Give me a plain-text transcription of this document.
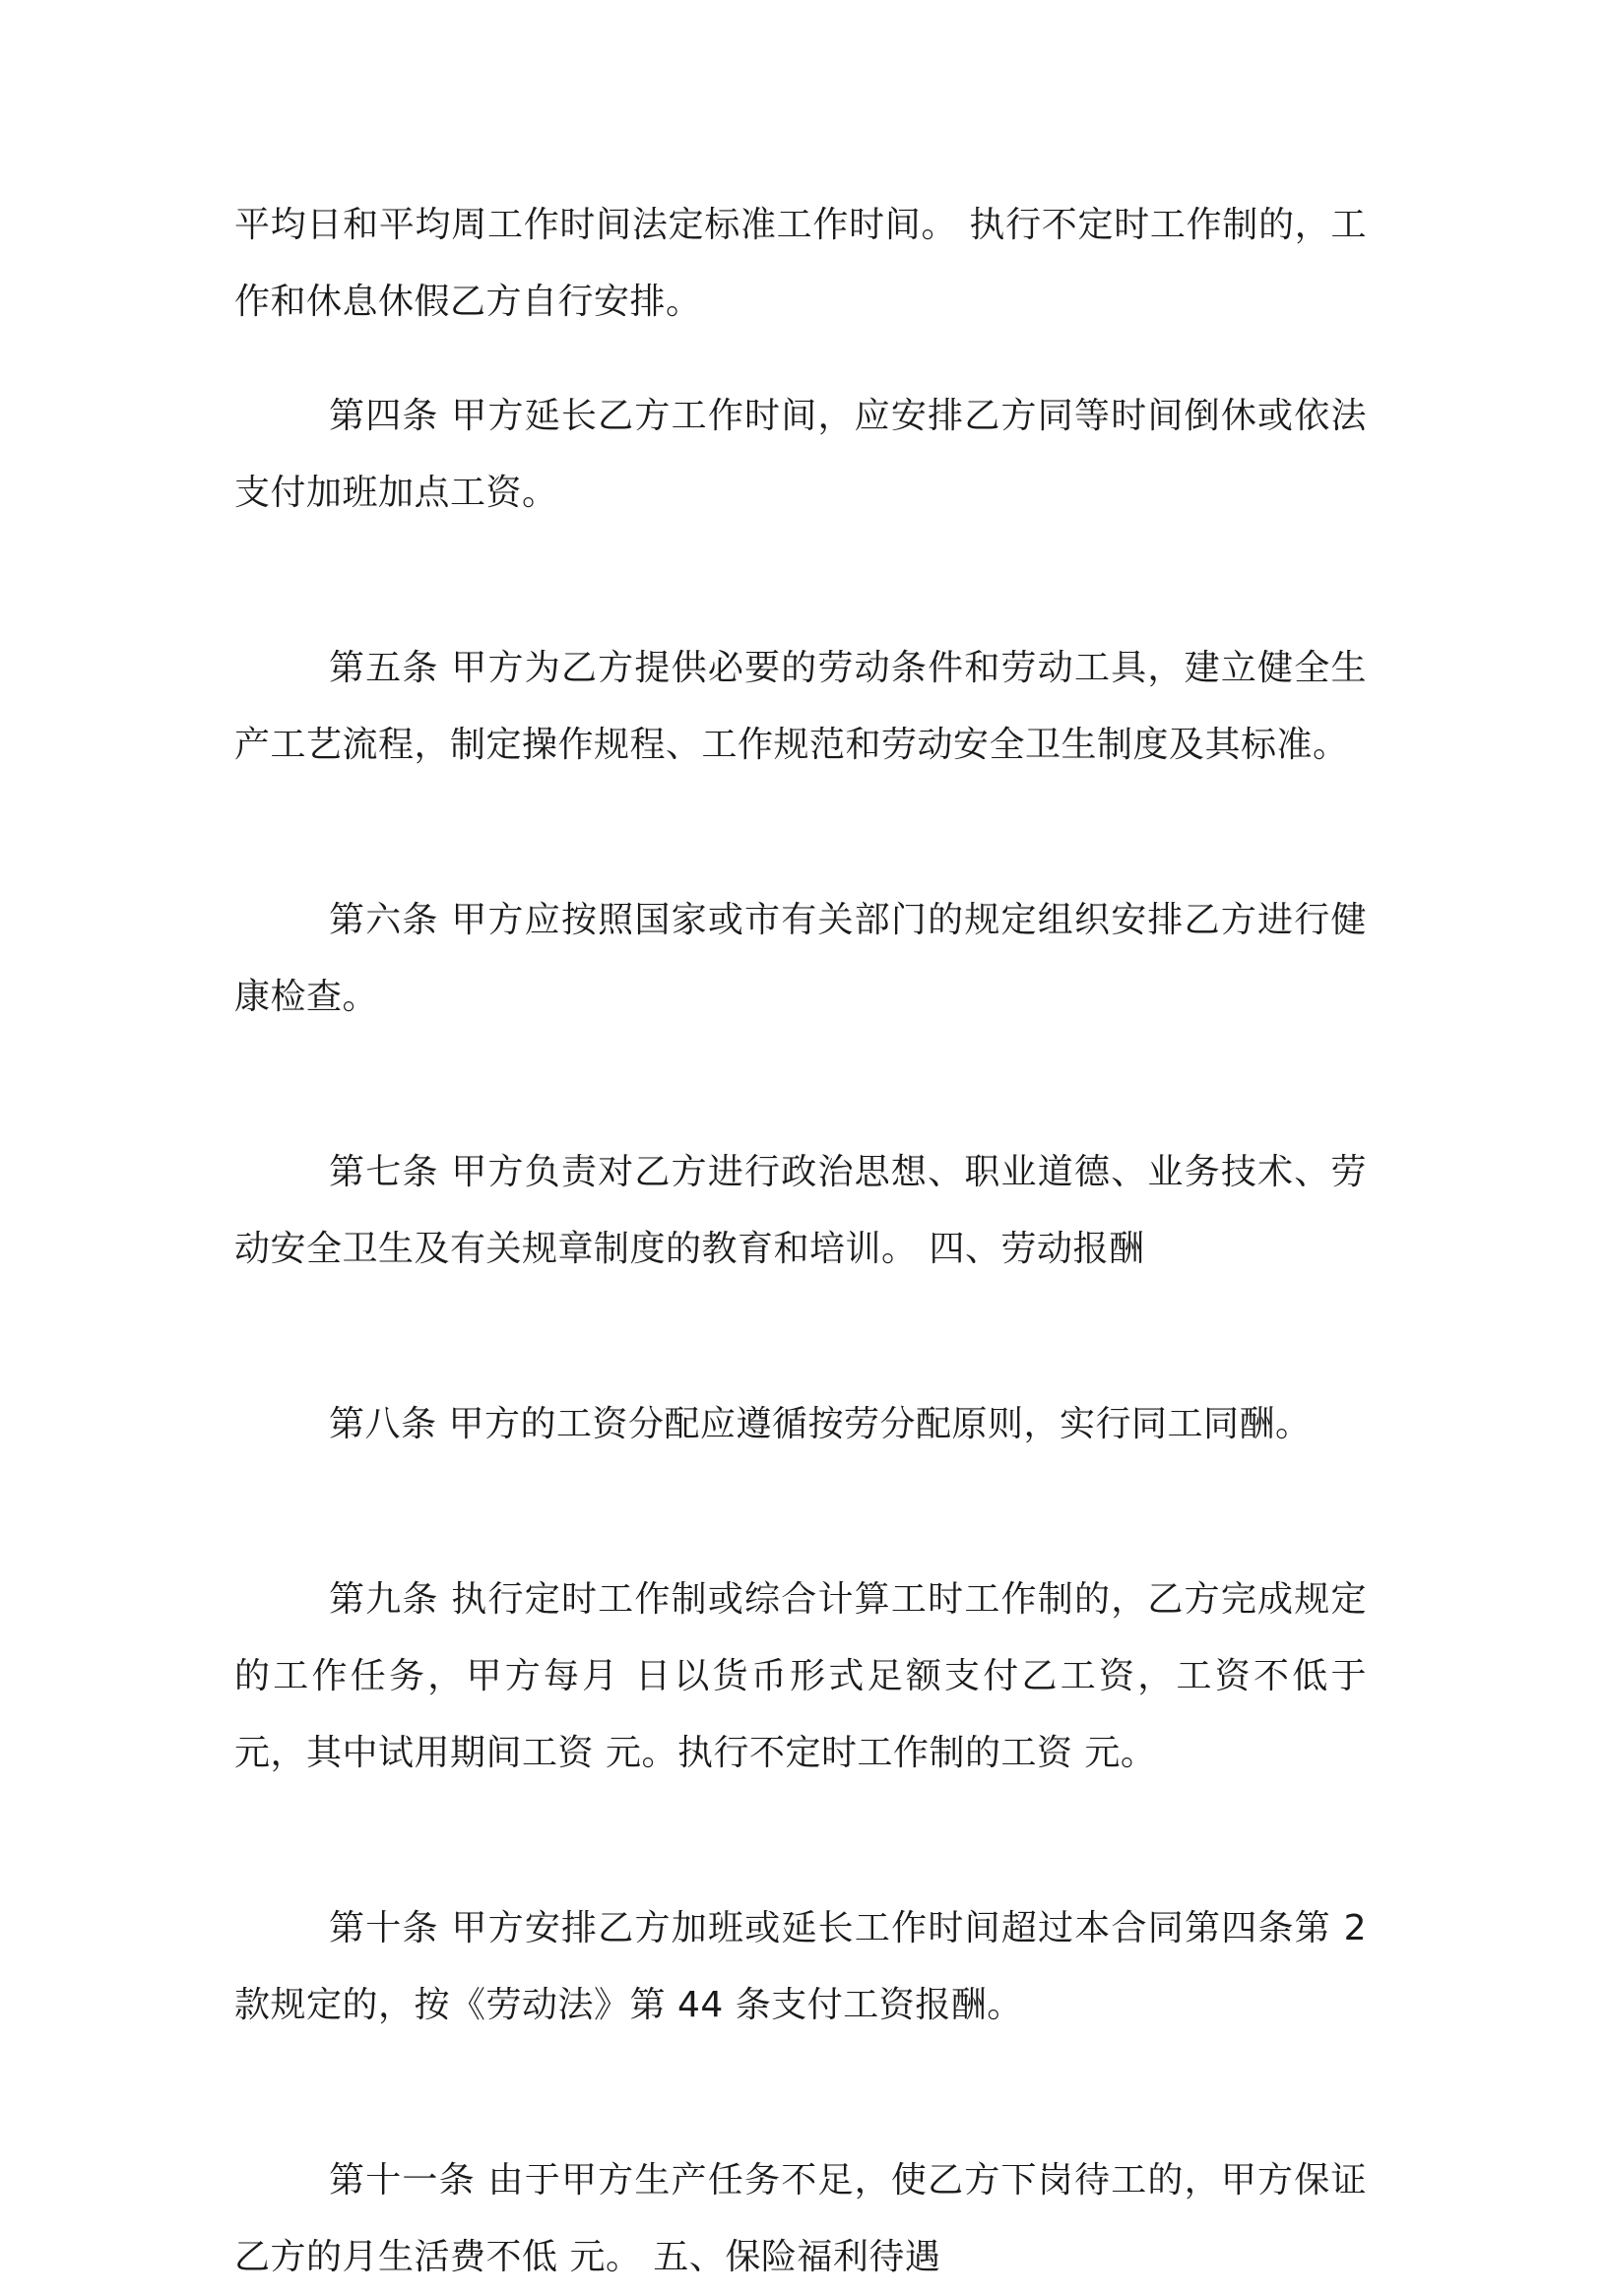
平均日和平均周工作时间法定标准工作时间。 执行不定时工作制的，工作和休息休假乙方自行安排。

第四条 甲方延长乙方工作时间，应安排乙方同等时间倒休或依法支付加班加点工资。

第五条 甲方为乙方提供必要的劳动条件和劳动工具，建立健全生产工艺流程，制定操作规程、工作规范和劳动安全卫生制度及其标准。

第六条 甲方应按照国家或市有关部门的规定组织安排乙方进行健康检查。

第七条 甲方负责对乙方进行政治思想、职业道德、业务技术、劳动安全卫生及有关规章制度的教育和培训。 四、劳动报酬

第八条 甲方的工资分配应遵循按劳分配原则，实行同工同酬。

第九条 执行定时工作制或综合计算工时工作制的，乙方完成规定的工作任务，甲方每月 日以货币形式足额支付乙工资，工资不低于 元，其中试用期间工资 元。执行不定时工作制的工资 元。

第十条 甲方安排乙方加班或延长工作时间超过本合同第四条第 2 款规定的，按《劳动法》第 44 条支付工资报酬。

第十一条 由于甲方生产任务不足，使乙方下岗待工的，甲方保证乙方的月生活费不低 元。 五、保险福利待遇
